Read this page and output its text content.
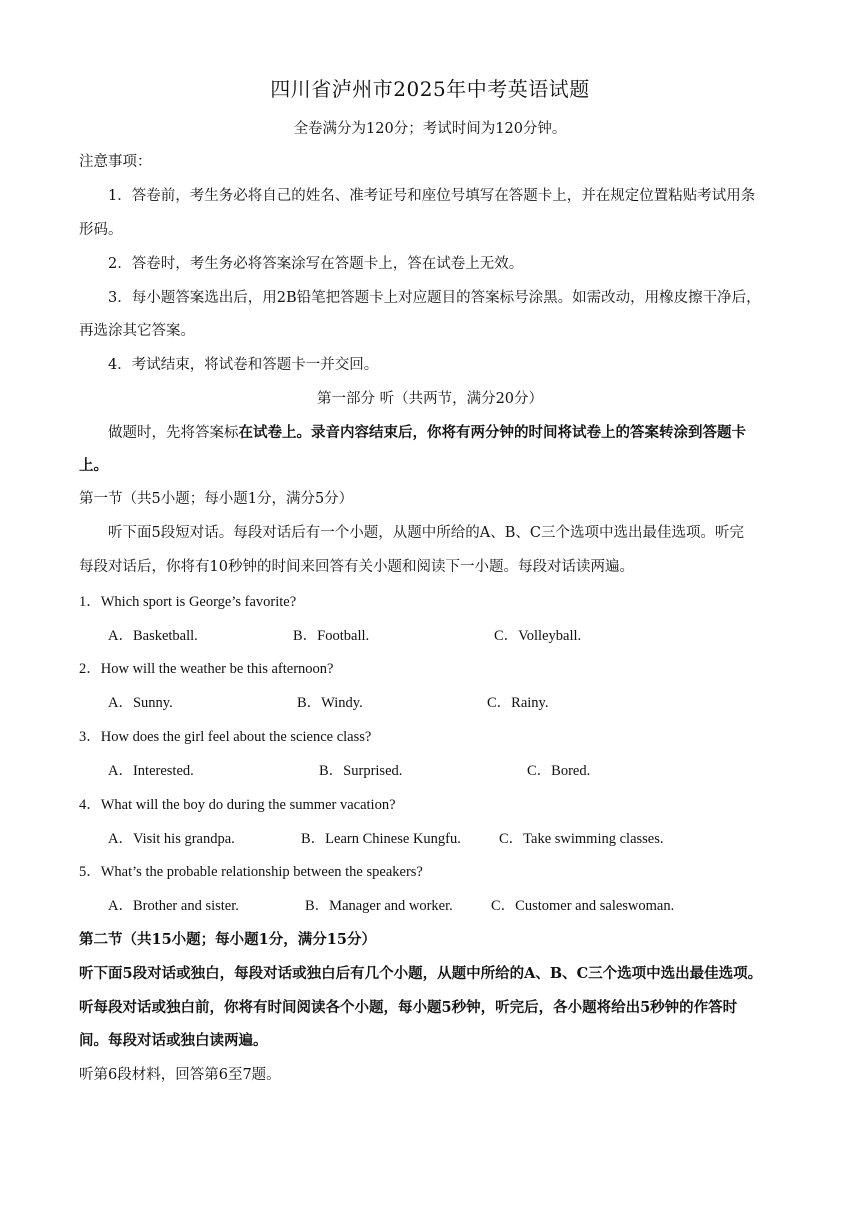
四川省泸州市2025年中考英语试题
全卷满分为120分；考试时间为120分钟。
注意事项：
1．答卷前，考生务必将自己的姓名、准考证号和座位号填写在答题卡上，并在规定位置粘贴考试用条
形码。
2．答卷时，考生务必将答案涂写在答题卡上，答在试卷上无效。
3．每小题答案选出后，用2B铅笔把答题卡上对应题目的答案标号涂黑。如需改动，用橡皮擦干净后，
再选涂其它答案。
4．考试结束，将试卷和答题卡一并交回。
第一部分 听（共两节，满分20分）
做题时，先将答案标在试卷上。录音内容结束后，你将有两分钟的时间将试卷上的答案转涂到答题卡
上。
第一节（共5小题；每小题1分，满分5分）
听下面5段短对话。每段对话后有一个小题，从题中所给的A、B、C三个选项中选出最佳选项。听完
每段对话后，你将有10秒钟的时间来回答有关小题和阅读下一小题。每段对话读两遍。
1．Which sport is George’s favorite?
A．Basketball.	B．Football.	C．Volleyball.
2．How will the weather be this afternoon?
A．Sunny.	B．Windy.	C．Rainy.
3．How does the girl feel about the science class?
A．Interested.	B．Surprised.	C．Bored.
4．What will the boy do during the summer vacation?
A．Visit his grandpa.	B．Learn Chinese Kungfu.	C．Take swimming classes.
5．What’s the probable relationship between the speakers?
A．Brother and sister.	B．Manager and worker.	C．Customer and saleswoman.
第二节（共15小题；每小题1分，满分15分）
听下面5段对话或独白，每段对话或独白后有几个小题，从题中所给的A、B、C三个选项中选出最佳选项。
听每段对话或独白前，你将有时间阅读各个小题，每小题5秒钟，听完后，各小题将给出5秒钟的作答时
间。每段对话或独白读两遍。
听第6段材料，回答第6至7题。
